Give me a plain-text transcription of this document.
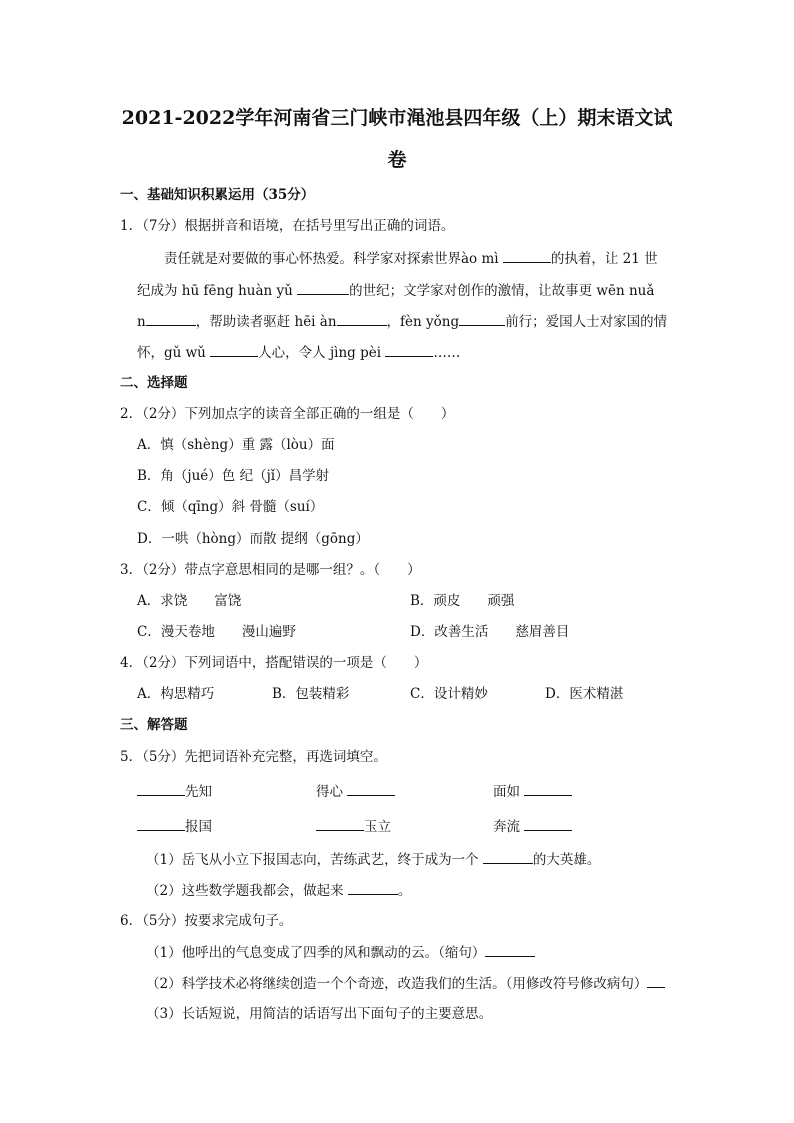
2021-2022学年河南省三门峡市渑池县四年级（上）期末语文试
卷
一、基础知识积累运用（35分）
1．（7分）根据拼音和语境，在括号里写出正确的词语。
责任就是对要做的事心怀热爱。科学家对探索世界ào mì	的执着，让 21 世
纪成为 hū fēng huàn yǔ	的世纪；文学家对创作的激情，让故事更 wēn nuǎ
n	，帮助读者驱赶 hēi àn	，fèn yǒng	前行；爱国人士对家国的情
怀，gǔ wǔ	人心，令人 jìng pèi	……
二、选择题
2．（2分）下列加点字的读音全部正确的一组是（　　）
A．慎（shèng）重 露（lòu）面
B．角（jué）色 纪（jǐ）昌学射
C．倾（qīng）斜 骨髓（suí）
D．一哄（hòng）而散 提纲（gōng）
3．（2分）带点字意思相同的是哪一组？。（　　）
A．求饶　　富饶	B．顽皮　　顽强
C．漫天卷地　　漫山遍野	D．改善生活　　慈眉善目
4．（2分）下列词语中，搭配错误的一项是（　　）
A．构思精巧	B．包装精彩	C．设计精妙	D．医术精湛
三、解答题
5．（5分）先把词语补充完整，再选词填空。
先知	得心	面如
报国	玉立	奔流
（1）岳飞从小立下报国志向，苦练武艺，终于成为一个	的大英雄。
（2）这些数学题我都会，做起来	。
6．（5分）按要求完成句子。
（1）他呼出的气息变成了四季的风和飘动的云。（缩句）
（2）科学技术必将继续创造一个个奇迹，改造我们的生活。（用修改符号修改病句）
（3）长话短说，用简洁的话语写出下面句子的主要意思。
